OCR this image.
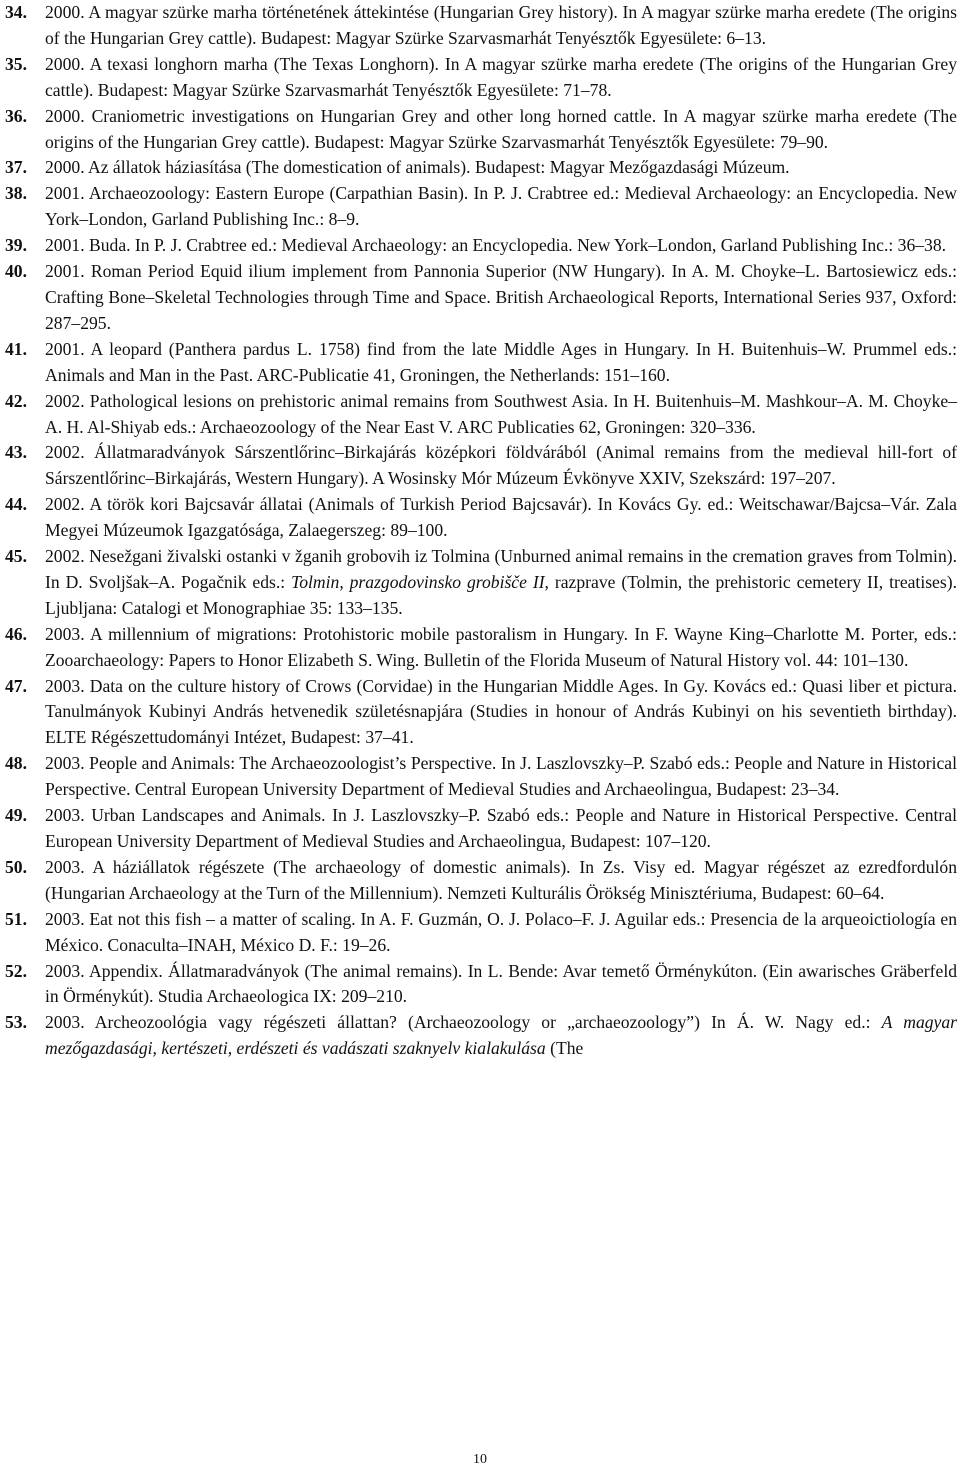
34. 2000. A magyar szürke marha történetének áttekintése (Hungarian Grey history). In A magyar szürke marha eredete (The origins of the Hungarian Grey cattle). Budapest: Magyar Szürke Szarvasmarhát Tenyésztők Egyesülete: 6–13.
35. 2000. A texasi longhorn marha (The Texas Longhorn). In A magyar szürke marha eredete (The origins of the Hungarian Grey cattle). Budapest: Magyar Szürke Szarvasmarhát Tenyésztők Egyesülete: 71–78.
36. 2000. Craniometric investigations on Hungarian Grey and other long horned cattle. In A magyar szürke marha eredete (The origins of the Hungarian Grey cattle). Budapest: Magyar Szürke Szarvasmarhát Tenyésztők Egyesülete: 79–90.
37. 2000. Az állatok háziasítása (The domestication of animals). Budapest: Magyar Mezőgazdasági Múzeum.
38. 2001. Archaeozoology: Eastern Europe (Carpathian Basin). In P. J. Crabtree ed.: Medieval Archaeology: an Encyclopedia. New York–London, Garland Publishing Inc.: 8–9.
39. 2001. Buda. In P. J. Crabtree ed.: Medieval Archaeology: an Encyclopedia. New York–London, Garland Publishing Inc.: 36–38.
40. 2001. Roman Period Equid ilium implement from Pannonia Superior (NW Hungary). In A. M. Choyke–L. Bartosiewicz eds.: Crafting Bone–Skeletal Technologies through Time and Space. British Archaeological Reports, International Series 937, Oxford: 287–295.
41. 2001. A leopard (Panthera pardus L. 1758) find from the late Middle Ages in Hungary. In H. Buitenhuis–W. Prummel eds.: Animals and Man in the Past. ARC-Publicatie 41, Groningen, the Netherlands: 151–160.
42. 2002. Pathological lesions on prehistoric animal remains from Southwest Asia. In H. Buitenhuis–M. Mashkour–A. M. Choyke–A. H. Al-Shiyab eds.: Archaeozoology of the Near East V. ARC Publicaties 62, Groningen: 320–336.
43. 2002. Állatmaradványok Sárszentlőrinc–Birkajárás középkori földvárából (Animal remains from the medieval hill-fort of Sárszentlőrinc–Birkajárás, Western Hungary). A Wosinsky Mór Múzeum Évkönyve XXIV, Szekszárd: 197–207.
44. 2002. A török kori Bajcsavár állatai (Animals of Turkish Period Bajcsavár). In Kovács Gy. ed.: Weitschawar/Bajcsa–Vár. Zala Megyei Múzeumok Igazgatósága, Zalaegerszeg: 89–100.
45. 2002. Nesežgani živalski ostanki v žganih grobovih iz Tolmina (Unburned animal remains in the cremation graves from Tolmin). In D. Svoljšak–A. Pogačnik eds.: Tolmin, prazgodovinsko grobišče II, razprave (Tolmin, the prehistoric cemetery II, treatises). Ljubljana: Catalogi et Monographiae 35: 133–135.
46. 2003. A millennium of migrations: Protohistoric mobile pastoralism in Hungary. In F. Wayne King–Charlotte M. Porter, eds.: Zooarchaeology: Papers to Honor Elizabeth S. Wing. Bulletin of the Florida Museum of Natural History vol. 44: 101–130.
47. 2003. Data on the culture history of Crows (Corvidae) in the Hungarian Middle Ages. In Gy. Kovács ed.: Quasi liber et pictura. Tanulmányok Kubinyi András hetvenedik születésnapjára (Studies in honour of András Kubinyi on his seventieth birthday). ELTE Régészettudományi Intézet, Budapest: 37–41.
48. 2003. People and Animals: The Archaeozoologist’s Perspective. In J. Laszlovszky–P. Szabó eds.: People and Nature in Historical Perspective. Central European University Department of Medieval Studies and Archaeolingua, Budapest: 23–34.
49. 2003. Urban Landscapes and Animals. In J. Laszlovszky–P. Szabó eds.: People and Nature in Historical Perspective. Central European University Department of Medieval Studies and Archaeolingua, Budapest: 107–120.
50. 2003. A háziállatok régészete (The archaeology of domestic animals). In Zs. Visy ed. Magyar régészet az ezredfordulón (Hungarian Archaeology at the Turn of the Millennium). Nemzeti Kulturális Örökség Minisztériuma, Budapest: 60–64.
51. 2003. Eat not this fish – a matter of scaling. In A. F. Guzmán, O. J. Polaco–F. J. Aguilar eds.: Presencia de la arqueoictiología en México. Conaculta–INAH, México D. F.: 19–26.
52. 2003. Appendix. Állatmaradványok (The animal remains). In L. Bende: Avar temető Örménykúton. (Ein awarisches Gräberfeld in Örménykút). Studia Archaeologica IX: 209–210.
53. 2003. Archeozoológia vagy régészeti állattan? (Archaeozoology or „archaeozoology”) In Á. W. Nagy ed.: A magyar mezőgazdasági, kertészeti, erdészeti és vadászati szaknyelv kialakulása (The
10
